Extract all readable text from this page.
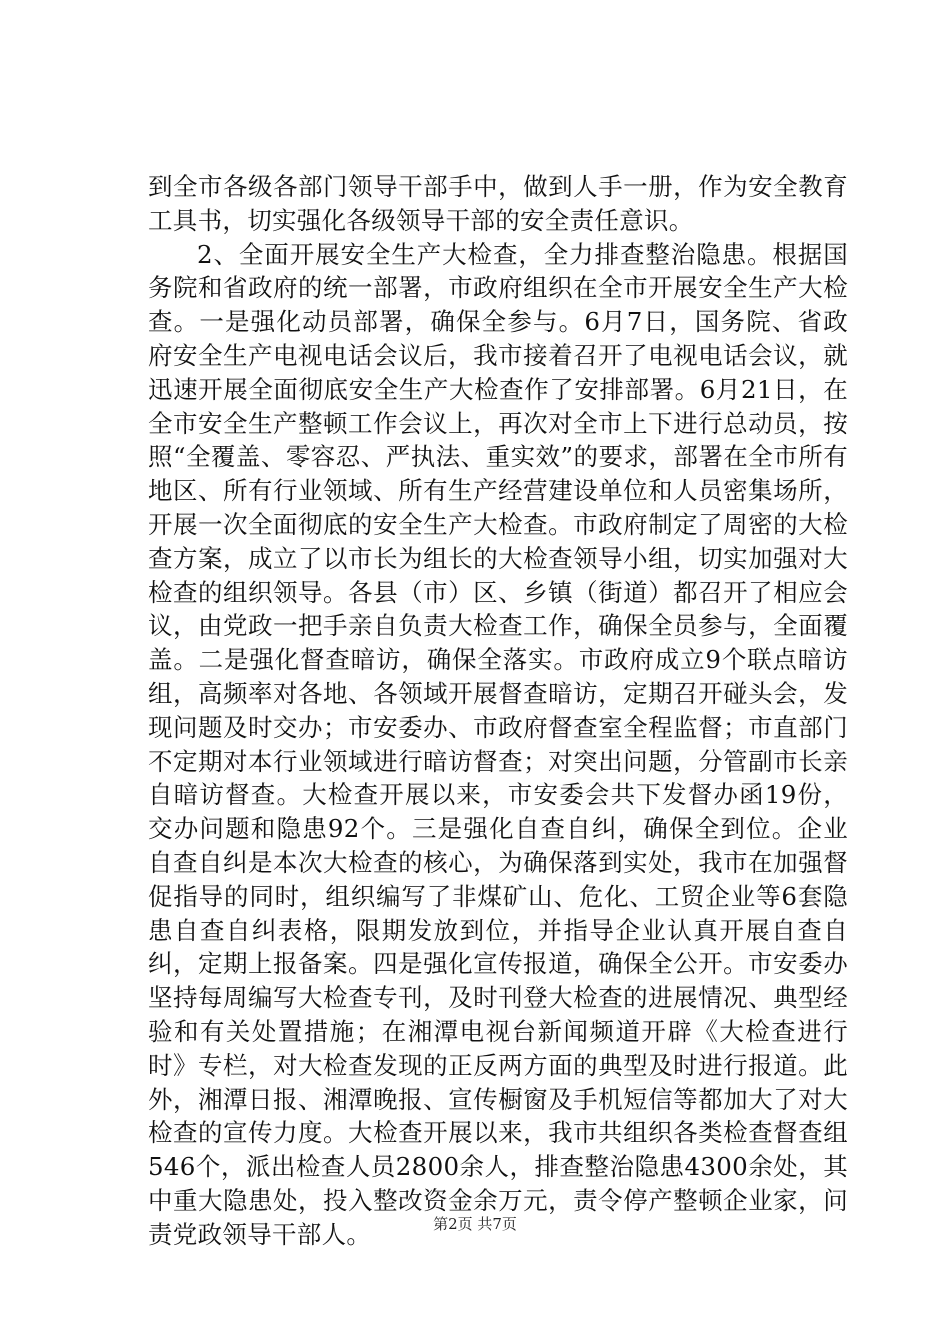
到全市各级各部门领导干部手中，做到人手一册，作为安全教育工具书，切实强化各级领导干部的安全责任意识。

2、全面开展安全生产大检查，全力排查整治隐患。根据国务院和省政府的统一部署，市政府组织在全市开展安全生产大检查。一是强化动员部署，确保全参与。6月7日，国务院、省政府安全生产电视电话会议后，我市接着召开了电视电话会议，就迅速开展全面彻底安全生产大检查作了安排部署。6月21日，在全市安全生产整顿工作会议上，再次对全市上下进行总动员，按照“全覆盖、零容忍、严执法、重实效”的要求，部署在全市所有地区、所有行业领域、所有生产经营建设单位和人员密集场所，开展一次全面彻底的安全生产大检查。市政府制定了周密的大检查方案，成立了以市长为组长的大检查领导小组，切实加强对大检查的组织领导。各县（市）区、乡镇（街道）都召开了相应会议，由党政一把手亲自负责大检查工作，确保全员参与，全面覆盖。二是强化督查暗访，确保全落实。市政府成立9个联点暗访组，高频率对各地、各领域开展督查暗访，定期召开碰头会，发现问题及时交办；市安委办、市政府督查室全程监督；市直部门不定期对本行业领域进行暗访督查；对突出问题，分管副市长亲自暗访督查。大检查开展以来，市安委会共下发督办函19份，交办问题和隐患92个。三是强化自查自纠，确保全到位。企业自查自纠是本次大检查的核心，为确保落到实处，我市在加强督促指导的同时，组织编写了非煤矿山、危化、工贸企业等6套隐患自查自纠表格，限期发放到位，并指导企业认真开展自查自纠，定期上报备案。四是强化宣传报道，确保全公开。市安委办坚持每周编写大检查专刊，及时刊登大检查的进展情况、典型经验和有关处置措施；在湘潭电视台新闻频道开辟《大检查进行时》专栏，对大检查发现的正反两方面的典型及时进行报道。此外，湘潭日报、湘潭晚报、宣传橱窗及手机短信等都加大了对大检查的宣传力度。大检查开展以来，我市共组织各类检查督查组546个，派出检查人员2800余人，排查整治隐患4300余处，其中重大隐患处，投入整改资金余万元，责令停产整顿企业家，问责党政领导干部人。	第2页 共7页
